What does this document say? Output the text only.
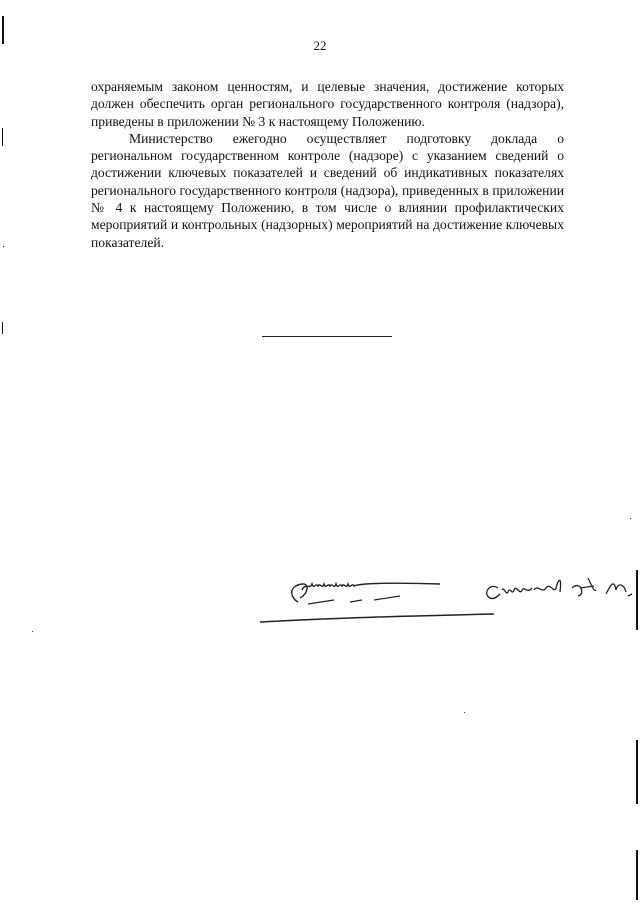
22

охраняемым законом ценностям, и целевые значения, достижение которых должен обеспечить орган регионального государственного контроля (надзора), приведены в приложении № 3 к настоящему Положению.

Министерство ежегодно осуществляет подготовку доклада о региональном государственном контроле (надзоре) с указанием сведений о достижении ключевых показателей и сведений об индикативных показателях регионального государственного контроля (надзора), приведенных в приложении № 4 к настоящему Положению, в том числе о влиянии профилактических мероприятий и контрольных (надзорных) мероприятий на достижение ключевых показателей.
